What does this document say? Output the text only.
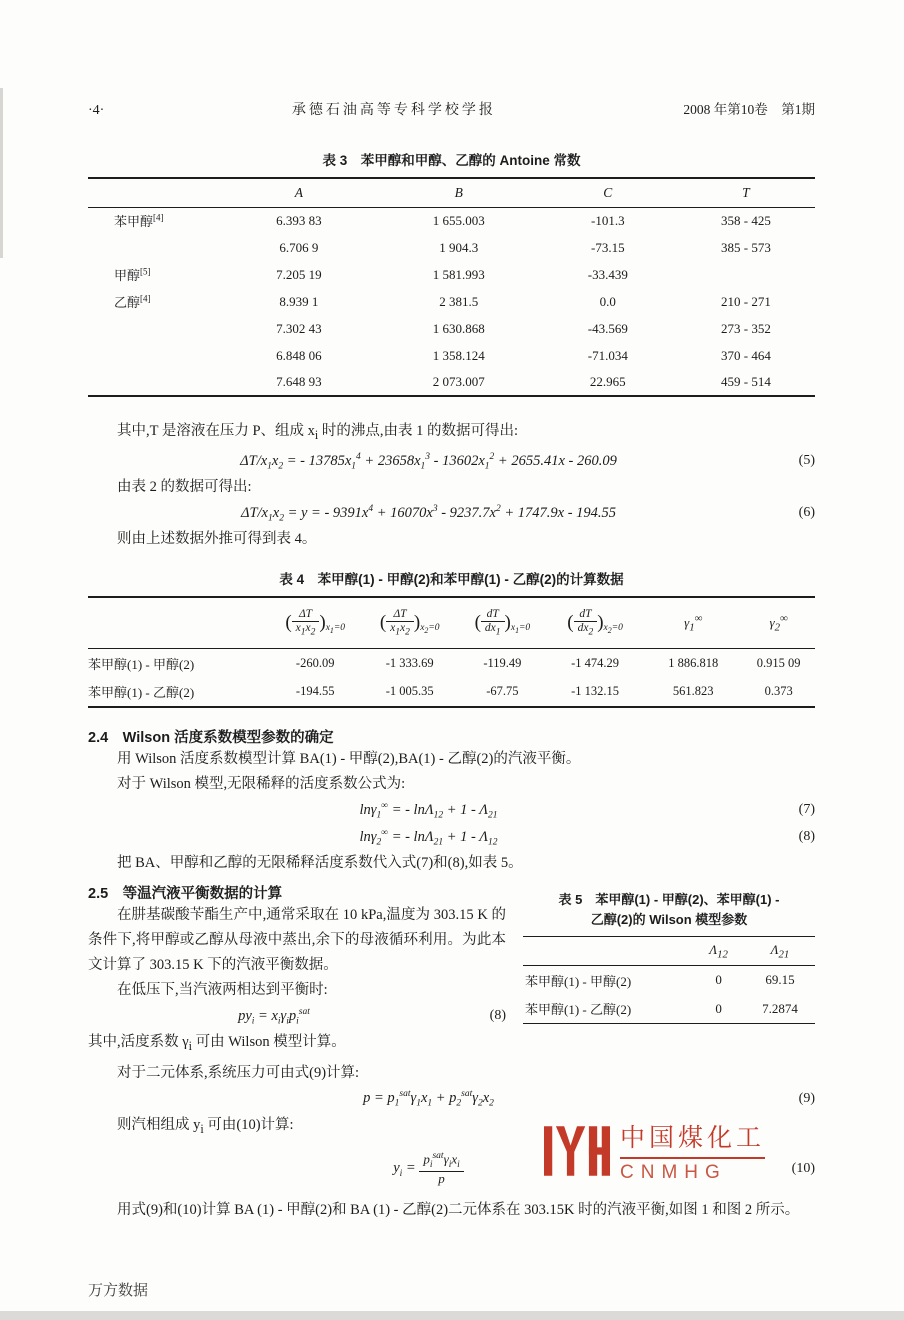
·4·	承德石油高等专科学校学报	2008 年第10卷　第1期
表 3　苯甲醇和甲醇、乙醇的 Antoine 常数
	A	B	C	T
苯甲醇[4]	6.393 83	1 655.003	-101.3	358 - 425
	6.706 9	1 904.3	-73.15	385 - 573
甲醇[5]	7.205 19	1 581.993	-33.439	
乙醇[4]	8.939 1	2 381.5	0.0	210 - 271
	7.302 43	1 630.868	-43.569	273 - 352
	6.848 06	1 358.124	-71.034	370 - 464
	7.648 93	2 073.007	22.965	459 - 514

其中,T 是溶液在压力 P、组成 $x_i$ 时的沸点,由表 1 的数据可得出:

$\Delta T/x_1x_2$ = - $13785x_1^4 + 23658x_1^3 - 13602x_1^2 + 2655.41x - 260.09$	(5)

由表 2 的数据可得出:

$\Delta T/x_1x_2 = y$ = - $9391x^4 + 16070x^3 - 9237.7x^2 + 1747.9x - 194.55$	(6)

则由上述数据外推可得到表 4。

表 4　苯甲醇(1) - 甲醇(2)和苯甲醇(1) - 乙醇(2)的计算数据
	( $\frac{\Delta T}{x_1x_2} )_{x_1=0}$	( $\frac{\Delta T}{x_1x_2} )_{x_2=0}$	( $\frac{dT}{dx_1} )_{x_1=0}$	( $\frac{dT}{dx_2} )_{x_2=0}$	$\gamma_1^\infty$	$\gamma_2^\infty$
苯甲醇(1) - 甲醇(2)	-260.09	-1 333.69	-119.49	-1 474.29	1 886.818	0.915 09
苯甲醇(1) - 乙醇(2)	-194.55	-1 005.35	-67.75	-1 132.15	561.823	0.373
2.4　Wilson 活度系数模型参数的确定

用 Wilson 活度系数模型计算 BA(1) - 甲醇(2),BA(1) - 乙醇(2)的汽液平衡。

对于 Wilson 模型,无限稀释的活度系数公式为:

lnγ$_1$∞ = - $\ln\Lambda_{12} + 1 - \Lambda_{21}$	(7)
lnγ$_2$∞ = - $\ln\Lambda_{21} + 1 - \Lambda_{12}$	(8)

把 BA、甲醇和乙醇的无限稀释活度系数代入式(7)和(8),如表 5。

2.5　等温汽液平衡数据的计算

在肼基碳酸苄酯生产中,通常采取在 10 kPa,温度为 303.15 K 的条件下,将甲醇或乙醇从母液中蒸出,余下的母液循环利用。为此本文计算了 303.15 K 下的汽液平衡数据。

在低压下,当汽液两相达到平衡时:

$py_i = x_i\gamma_ip_i^{sat}$	(8)

其中,活度系数 $\gamma_i$ 可由 Wilson 模型计算。

表 5　苯甲醇(1) - 甲醇(2)、苯甲醇(1) -
乙醇(2)的 Wilson 模型参数
	$\Lambda_{12}$	$\Lambda_{21}$
苯甲醇(1) - 甲醇(2)	0	69.15
苯甲醇(1) - 乙醇(2)	0	7.2874

对于二元体系,系统压力可由式(9)计算:

$p = p_1^{sat}\gamma_1x_1 + p_2^{sat}\gamma_2x_2$	(9)

则汽相组成 $y_i$ 可由(10)计算:

$y_i = \frac{p_i^{sat}\gamma_ix_i}{p}$	(10)

用式(9)和(10)计算 BA (1) - 甲醇(2)和 BA (1) - 乙醇(2)二元体系在 303.15K 时的汽液平衡,如图 1 和图 2 所示。

中国煤化工
CNMHG
万方数据
